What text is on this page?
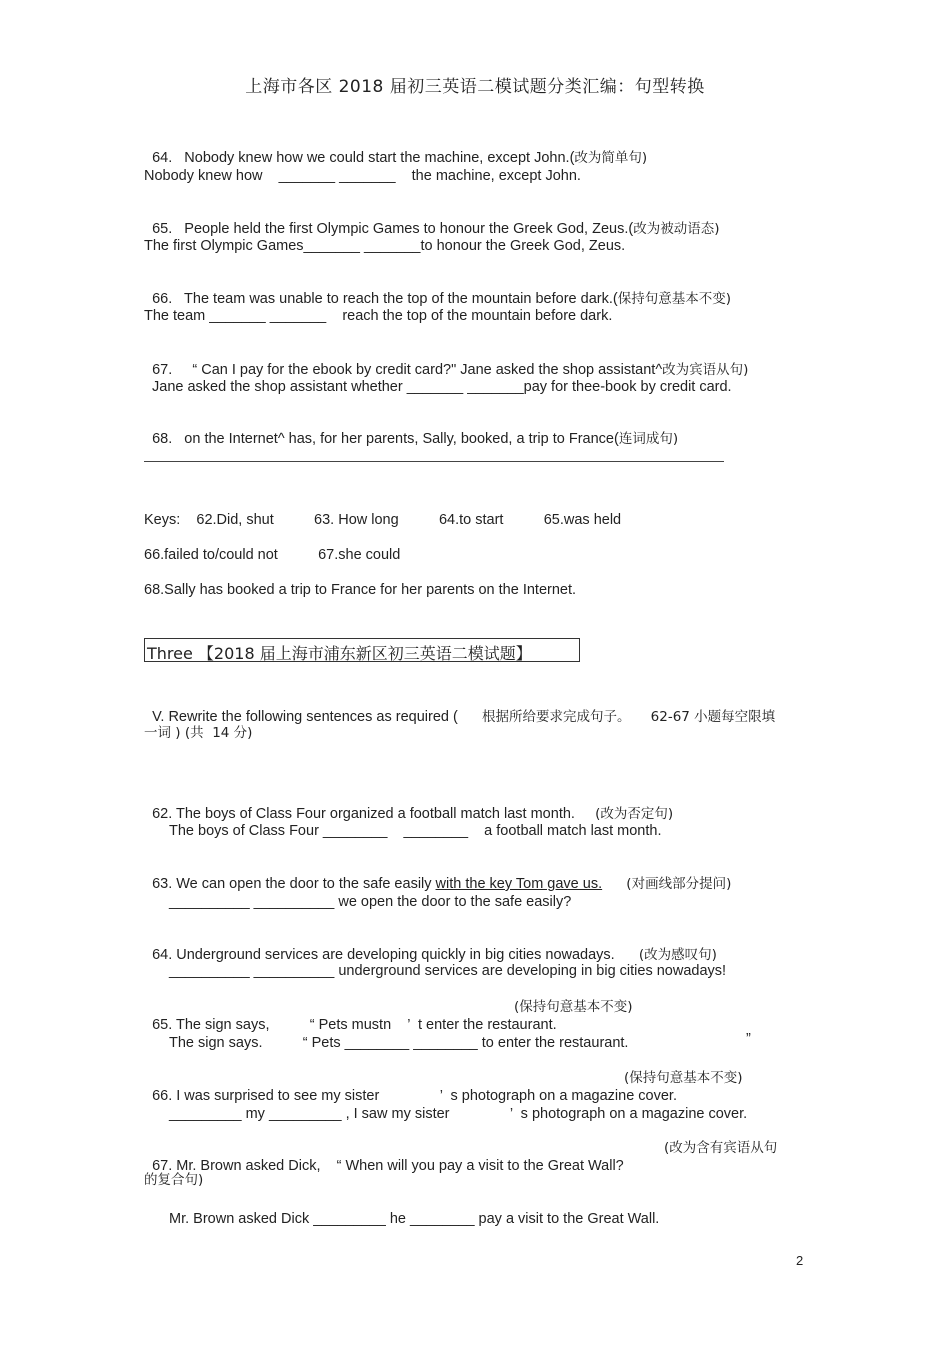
上海市各区 2018 届初三英语二模试题分类汇编：句型转换

64.   Nobody knew how we could start the machine, except John.(改为简单句)

Nobody knew how    _______ _______    the machine, except John.

65.   People held the first Olympic Games to honour the Greek God, Zeus.(改为被动语态)

The first Olympic Games_______ _______to honour the Greek God, Zeus.

66.   The team was unable to reach the top of the mountain before dark.(保持句意基本不变)

The team _______ _______    reach the top of the mountain before dark.

67.     “ Can I pay for the ebook by credit card?" Jane asked the shop assistant^改为宾语从句)

Jane asked the shop assistant whether _______ _______pay for thee-book by credit card.

68.   on the Internet^ has, for her parents, Sally, booked, a trip to France(连词成句)

Keys:    62.Did, shut          63. How long          64.to start          65.was held
66.failed to/could not          67.she could
68.Sally has booked a trip to France for her parents on the Internet.
Three 【2018 届上海市浦东新区初三英语二模试题】

V. Rewrite the following sentences as required ( 根据所给要求完成句子。 62-67 小题每空限填

一词 ) (共  14 分)

62. The boys of Class Four organized a football match last month. (改为否定句)

The boys of Class Four ________    ________    a football match last month.

63. We can open the door to the safe easily with the key Tom gave us. (对画线部分提问)

__________ __________ we open the door to the safe easily?

64. Underground services are developing quickly in big cities nowadays. (改为感叹句)

__________ __________ underground services are developing in big cities nowadays!

65. The sign says,          “ Pets mustn    ’  t enter the restaurant.

(保持句意基本不变)
The sign says.          “ Pets ________ ________ to enter the restaurant.	”

66. I was surprised to see my sister               ’  s photograph on a magazine cover.

(保持句意基本不变)
_________ my _________ , I saw my sister               ’  s photograph on a magazine cover.

67. Mr. Brown asked Dick,    “ When will you pay a visit to the Great Wall?

(改为含有宾语从句
的复合句)
Mr. Brown asked Dick _________ he ________ pay a visit to the Great Wall.
2
